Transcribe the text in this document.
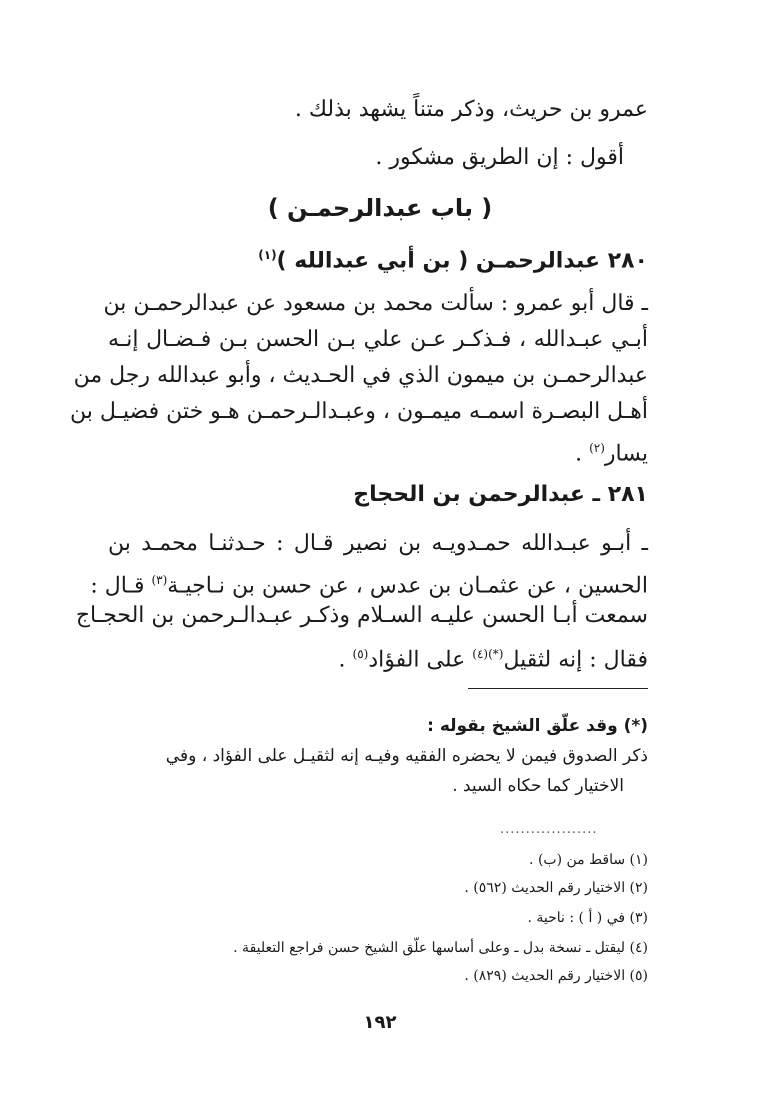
عمرو بن حريث، وذكر متناً يشهد بذلك .
أقول : إن الطريق مشكور .
( باب عبدالرحمـن )
٢٨٠ عبدالرحمـن ( بن أبي عبدالله )$^{(١)}$
ـ قال أبو عمرو : سألت محمد بن مسعود عن عبدالرحمـن بن
أبـي عبـدالله ، فـذكـر عـن علي بـن الحسن بـن فـضـال إنـه
عبدالرحمـن بن ميمون الذي في الحـديث ، وأبو عبدالله رجل من
أهـل البصـرة اسمـه ميمـون ، وعبـدالـرحمـن هـو ختن فضيـل بن
يسار$^{(٢)}$ .
٢٨١ ـ عبدالرحمن بن الحجاج
ـ أبـو عبـدالله حمـدويـه بن نصير قـال : حـدثنـا محمـد بن
الحسين ، عن عثمـان بن عدس ، عن حسن بن نـاجيـة$^{(٣)}$ قـال :
سمعت أبـا الحسن عليـه السـلام وذكـر عبـدالـرحمن بن الحجـاج
فقال : إنه لثقيل$^{(*)(٤)}$ على الفؤاد$^{(٥)}$ .
(*) وقد علّق الشيخ بقوله :
ذكر الصدوق فيمن لا يحضره الفقيه وفيـه إنه لثقيـل على الفؤاد ، وفي
الاختيار كما حكاه السيد .
...................
(١) ساقط من (ب) .
(٢) الاختيار رقم الحديث (٥٦٢) .
(٣) في ( أ ) : ناحية .
(٤) ليقتل ـ نسخة بدل ـ وعلى أساسها علّق الشيخ حسن فراجع التعليقة .
(٥) الاختيار رقم الحديث (٨٢٩) .
١٩٢
